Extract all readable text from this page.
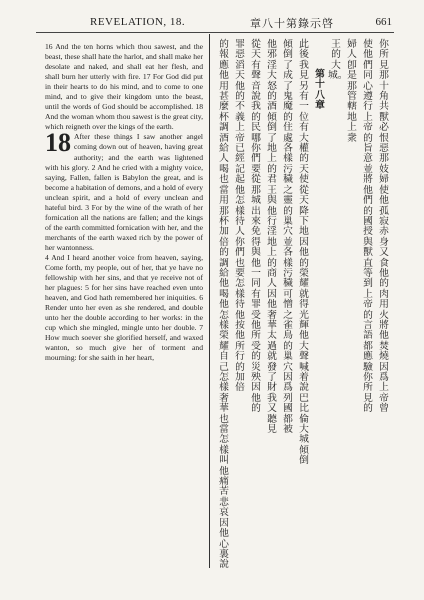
REVELATION, 18.	章八十第錄示啓	661

16 And the ten horns which thou sawest, and the beast, these shall hate the harlot, and shall make her desolate and naked, and shall eat her flesh, and shall burn her utterly with fire. 17 For God did put in their hearts to do his mind, and to come to one mind, and to give their kingdom unto the beast, until the words of God should be accomplished. 18 And the woman whom thou sawest is the great city, which reigneth over the kings of the earth.

18 After these things I saw another angel coming down out of heaven, having great authority; and the earth was lightened with his glory. 2 And he cried with a mighty voice, saying, Fallen, fallen is Babylon the great, and is become a habitation of demons, and a hold of every unclean spirit, and a hold of every unclean and hateful bird. 3 For by the wine of the wrath of her fornication all the nations are fallen; and the kings of the earth committed fornication with her, and the merchants of the earth waxed rich by the power of her wantonness.

4 And I heard another voice from heaven, saying, Come forth, my people, out of her, that ye have no fellowship with her sins, and that ye receive not of her plagues: 5 for her sins have reached even unto heaven, and God hath remembered her iniquities. 6 Render unto her even as she rendered, and double unto her the double according to her works: in the cup which she mingled, mingle unto her double. 7 How much soever she glorified herself, and waxed wanton, so much give her of torment and mourning: for she saith in her heart,

你所見那十角共獸必恨惡那妓婦使他孤寂赤身又食他的肉用火將他焚燒因爲上帝曾
使他們同心遵行上帝的旨意並將他們的國授與獸直等到上帝的言語都應驗你所見的
婦人卽是那管轄地上衆
王的大城。
第十八章
此後我見另有一位有大權的天使從天降下地因他的榮耀就得光輝他大聲喊着說巴比倫大城傾倒
傾倒了成了鬼魔的住處各樣污穢之靈的巢穴並各樣污穢可憎之雀鳥的巢穴因爲列國都被
他邪淫大怒的酒傾倒了地上的君王與他行淫地上的商人因他奢華太過就發了財我又聽見
從天有聲音說我的民哪你們要從那城出來免得與他一同有罪受他所受的災殃因他的
罪惡滔天他的不義上帝已經記起他怎樣待人你們也要怎樣待他按他所行的加倍
的報應他用甚麼杯調酒給人喝也當用那杯加倍的調給他喝他怎樣榮耀自己怎樣奢華也當怎樣叫他痛苦悲哀因他心裏說
